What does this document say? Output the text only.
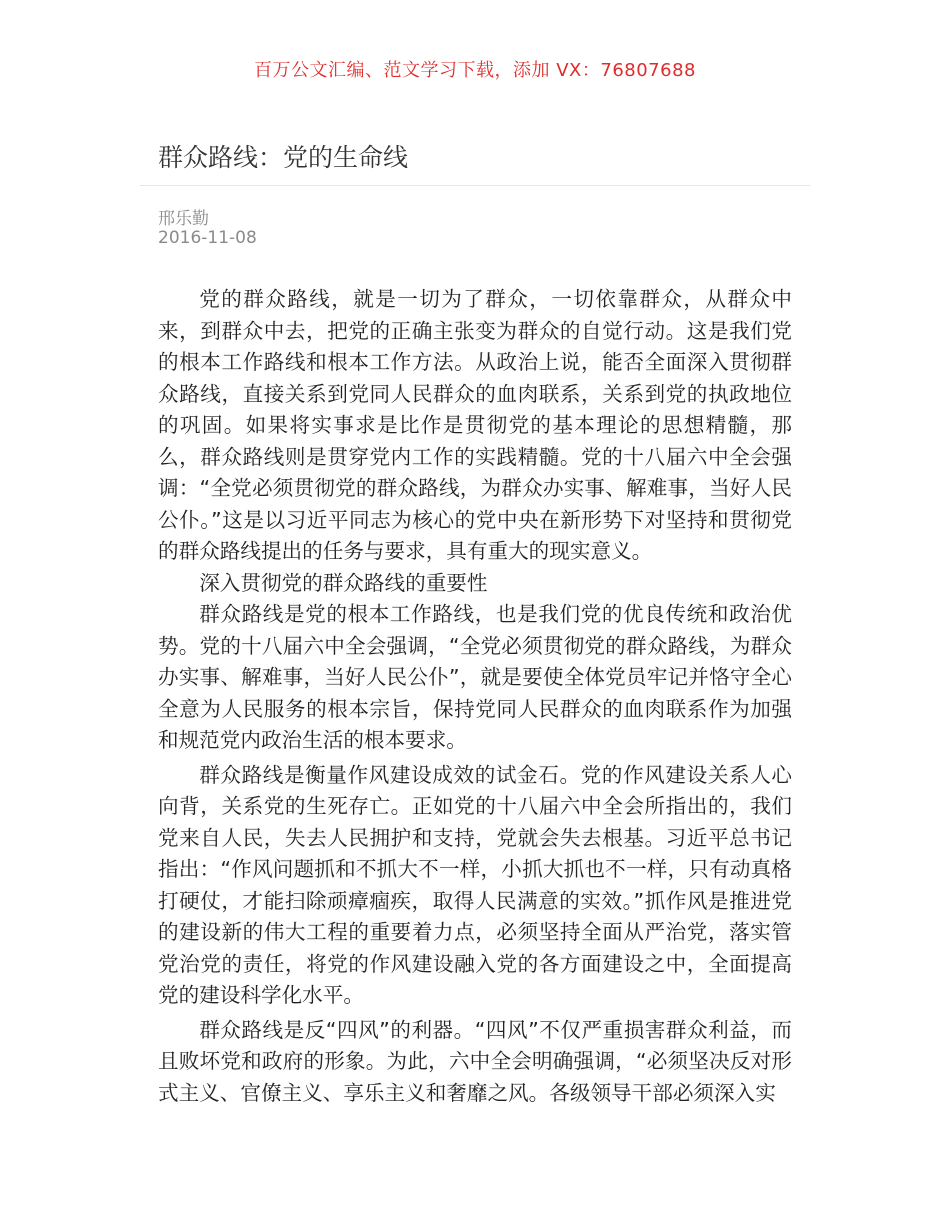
百万公文汇编、范文学习下载，添加 VX：76807688
群众路线：党的生命线
邢乐勤
2016-11-08

党的群众路线，就是一切为了群众，一切依靠群众，从群众中来，到群众中去，把党的正确主张变为群众的自觉行动。这是我们党的根本工作路线和根本工作方法。从政治上说，能否全面深入贯彻群众路线，直接关系到党同人民群众的血肉联系，关系到党的执政地位的巩固。如果将实事求是比作是贯彻党的基本理论的思想精髓，那么，群众路线则是贯穿党内工作的实践精髓。党的十八届六中全会强调：“全党必须贯彻党的群众路线，为群众办实事、解难事，当好人民公仆。”这是以习近平同志为核心的党中央在新形势下对坚持和贯彻党的群众路线提出的任务与要求，具有重大的现实意义。

深入贯彻党的群众路线的重要性

群众路线是党的根本工作路线，也是我们党的优良传统和政治优势。党的十八届六中全会强调，“全党必须贯彻党的群众路线，为群众办实事、解难事，当好人民公仆”，就是要使全体党员牢记并恪守全心全意为人民服务的根本宗旨，保持党同人民群众的血肉联系作为加强和规范党内政治生活的根本要求。

群众路线是衡量作风建设成效的试金石。党的作风建设关系人心向背，关系党的生死存亡。正如党的十八届六中全会所指出的，我们党来自人民，失去人民拥护和支持，党就会失去根基。习近平总书记指出：“作风问题抓和不抓大不一样，小抓大抓也不一样，只有动真格打硬仗，才能扫除顽瘴痼疾，取得人民满意的实效。”抓作风是推进党的建设新的伟大工程的重要着力点，必须坚持全面从严治党，落实管党治党的责任，将党的作风建设融入党的各方面建设之中，全面提高党的建设科学化水平。

群众路线是反“四风”的利器。“四风”不仅严重损害群众利益，而且败坏党和政府的形象。为此，六中全会明确强调，“必须坚决反对形式主义、官僚主义、享乐主义和奢靡之风。各级领导干部必须深入实
